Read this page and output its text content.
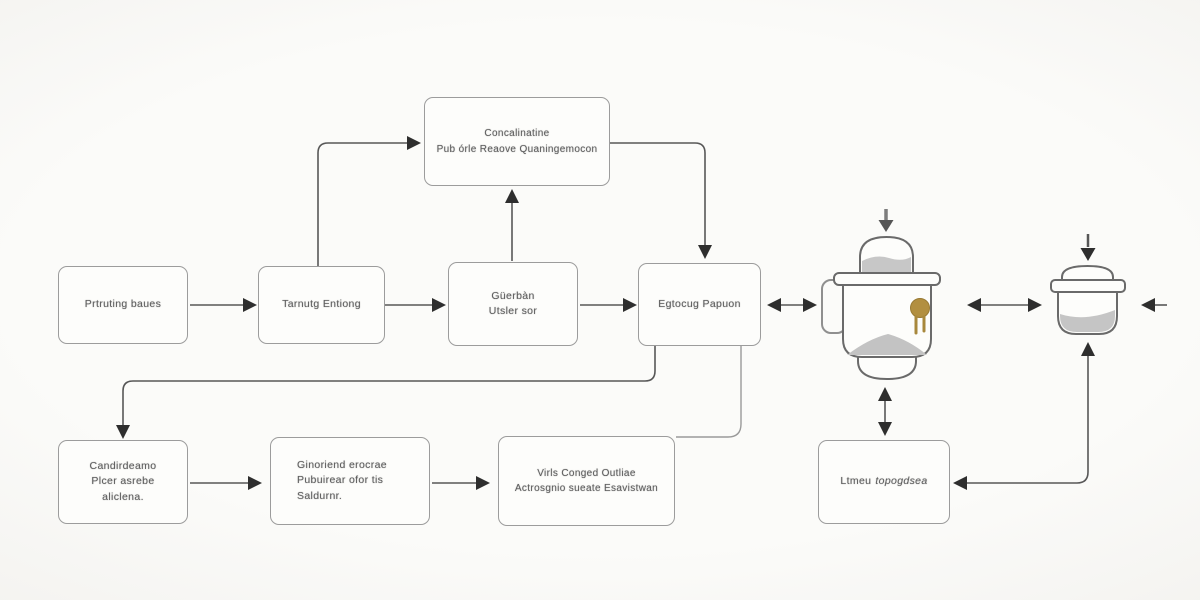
Concalinatine
Pub órle Reaove Quaningemocon
Prtruting baues	Tarnutg Entiong
Güerbàn
Utsler sor
Egtocug Papuon
Candirdeamo
Plcer asrebe
aliclena.
Ginoriend erocrae
Pubuirear ofor tis
Saldurnr.
Virls Conged Outliae
Actrosgnio sueate Esavistwan
Ltmeu topogdsea
